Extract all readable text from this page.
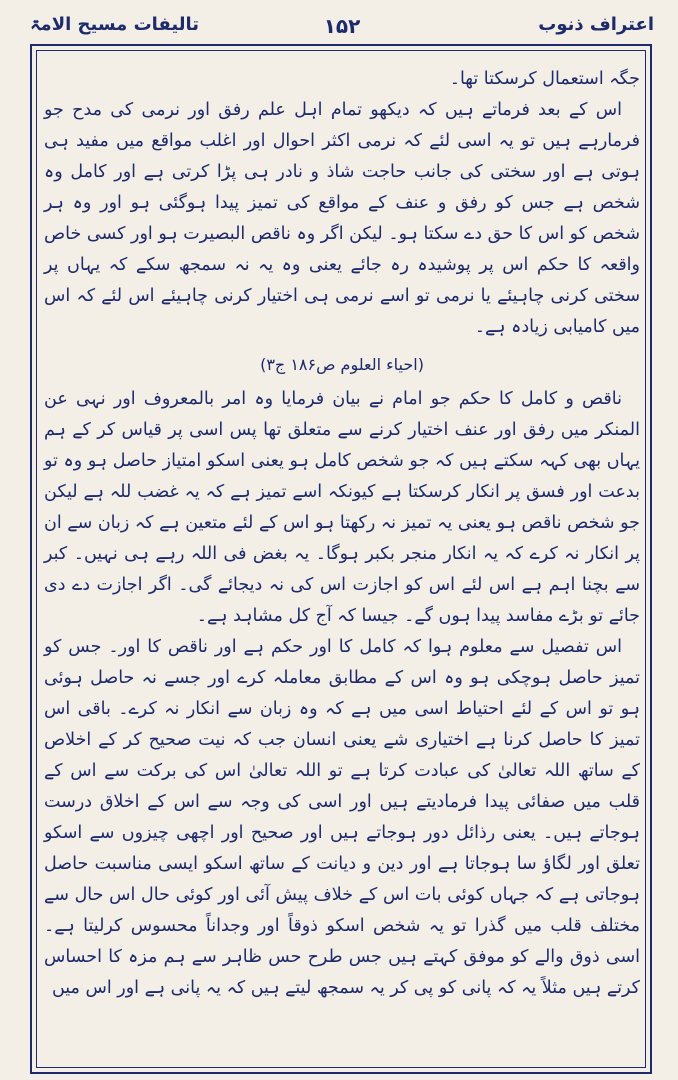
اعتراف ذنوب
۱۵۲
تالیفات مسیح الامۃ

جگہ استعمال کرسکتا تھا۔

اس کے بعد فرماتے ہیں کہ دیکھو تمام اہل علم رفق اور نرمی کی مدح جو فرمارہے ہیں تو یہ اسی لئے کہ نرمی اکثر احوال اور اغلب مواقع میں مفید ہی ہوتی ہے اور سختی کی جانب حاجت شاذ و نادر ہی پڑا کرتی ہے اور کامل وہ شخص ہے جس کو رفق و عنف کے مواقع کی تمیز پیدا ہوگئی ہو اور وہ ہر شخص کو اس کا حق دے سکتا ہو۔ لیکن اگر وہ ناقص البصیرت ہو اور کسی خاص واقعہ کا حکم اس پر پوشیدہ رہ جائے یعنی وہ یہ نہ سمجھ سکے کہ یہاں پر سختی کرنی چاہیئے یا نرمی تو اسے نرمی ہی اختیار کرنی چاہیئے اس لئے کہ اس میں کامیابی زیادہ ہے۔

(احیاء العلوم ص۱۸۶ ج۳)

ناقص و کامل کا حکم جو امام نے بیان فرمایا وہ امر بالمعروف اور نہی عن المنکر میں رفق اور عنف اختیار کرنے سے متعلق تھا پس اسی پر قیاس کر کے ہم یہاں بھی کہہ سکتے ہیں کہ جو شخص کامل ہو یعنی اسکو امتیاز حاصل ہو وہ تو بدعت اور فسق پر انکار کرسکتا ہے کیونکہ اسے تمیز ہے کہ یہ غضب للہ ہے لیکن جو شخص ناقص ہو یعنی یہ تمیز نہ رکھتا ہو اس کے لئے متعین ہے کہ زبان سے ان پر انکار نہ کرے کہ یہ انکار منجر بکبر ہوگا۔ یہ بغض فی اللہ رہے ہی نہیں۔ کبر سے بچنا اہم ہے اس لئے اس کو اجازت اس کی نہ دیجائے گی۔ اگر اجازت دے دی جائے تو بڑے مفاسد پیدا ہوں گے۔ جیسا کہ آج کل مشاہد ہے۔

اس تفصیل سے معلوم ہوا کہ کامل کا اور حکم ہے اور ناقص کا اور۔ جس کو تمیز حاصل ہوچکی ہو وہ اس کے مطابق معاملہ کرے اور جسے نہ حاصل ہوئی ہو تو اس کے لئے احتیاط اسی میں ہے کہ وہ زبان سے انکار نہ کرے۔ باقی اس تمیز کا حاصل کرنا ہے اختیاری شے یعنی انسان جب کہ نیت صحیح کر کے اخلاص کے ساتھ اللہ تعالیٰ کی عبادت کرتا ہے تو اللہ تعالیٰ اس کی برکت سے اس کے قلب میں صفائی پیدا فرمادیتے ہیں اور اسی کی وجہ سے اس کے اخلاق درست ہوجاتے ہیں۔ یعنی رذائل دور ہوجاتے ہیں اور صحیح اور اچھی چیزوں سے اسکو تعلق اور لگاؤ سا ہوجاتا ہے اور دین و دیانت کے ساتھ اسکو ایسی مناسبت حاصل ہوجاتی ہے کہ جہاں کوئی بات اس کے خلاف پیش آئی اور کوئی حال اس حال سے مختلف قلب میں گذرا تو یہ شخص اسکو ذوقاً اور وجداناً محسوس کرلیتا ہے۔ اسی ذوق والے کو موفق کہتے ہیں جس طرح حس ظاہر سے ہم مزہ کا احساس کرتے ہیں مثلاً یہ کہ پانی کو پی کر یہ سمجھ لیتے ہیں کہ یہ پانی ہے اور اس میں
